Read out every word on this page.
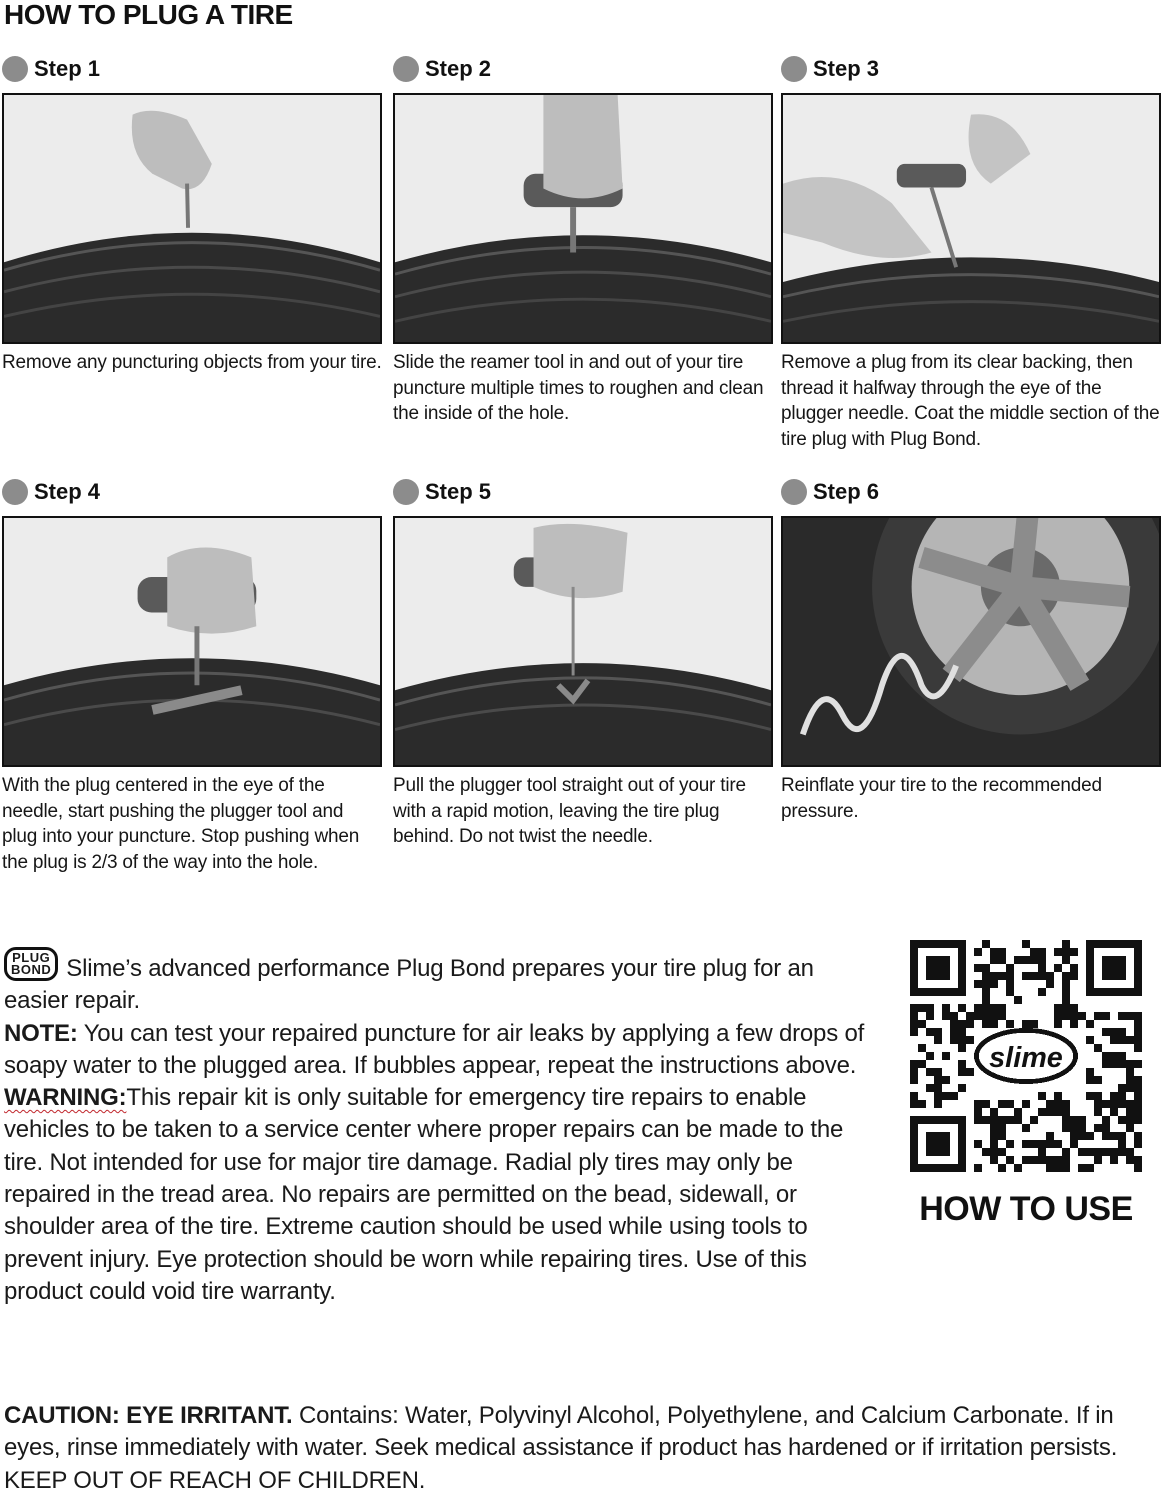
HOW TO PLUG A TIRE
Step 1
Remove any puncturing objects from your tire.
Step 2
Slide the reamer tool in and out of your tire puncture multiple times to roughen and clean the inside of the hole.
Step 3
Remove a plug from its clear backing, then thread it halfway through the eye of the plugger needle. Coat the middle section of the tire plug with Plug Bond.
Step 4
With the plug centered in the eye of the needle, start pushing the plugger tool and plug into your puncture. Stop pushing when the plug is 2/3 of the way into the hole.
Step 5
Pull the plugger tool straight out of your tire with a rapid motion, leaving the tire plug behind. Do not twist the needle.
Step 6
Reinflate your tire to the recommended pressure.

PLUG
BOND Slime’s advanced performance Plug Bond prepares your tire plug for an easier repair.

NOTE: You can test your repaired puncture for air leaks by applying a few drops of soapy water to the plugged area. If bubbles appear, repeat the instructions above.

WARNING:This repair kit is only suitable for emergency tire repairs to enable vehicles to be taken to a service center where proper repairs can be made to the tire. Not intended for use for major tire damage. Radial ply tires may only be repaired in the tread area. No repairs are permitted on the bead, sidewall, or shoulder area of the tire. Extreme caution should be used while using tools to prevent injury. Eye protection should be worn while repairing tires. Use of this product could void tire warranty.

CAUTION: EYE IRRITANT. Contains: Water, Polyvinyl Alcohol, Polyethylene, and Calcium Carbonate. If in eyes, rinse immediately with water. Seek medical assistance if product has hardened or if irritation persists. KEEP OUT OF REACH OF CHILDREN.

slime

HOW TO USE
